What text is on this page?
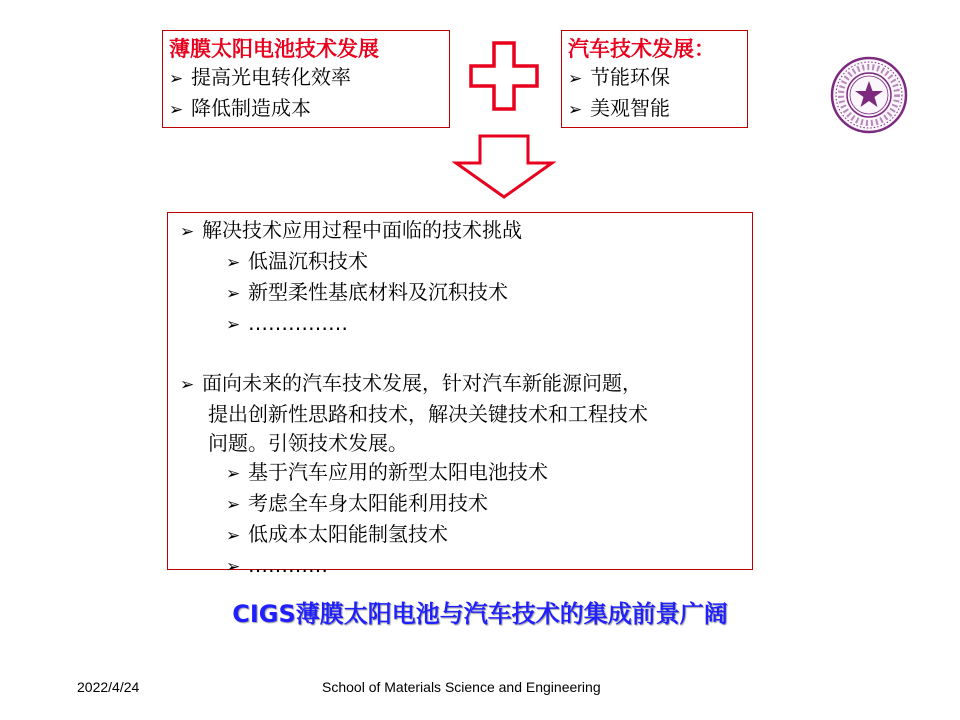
薄膜太阳电池技术发展
➢ 提高光电转化效率
➢ 降低制造成本
汽车技术发展：
➢ 节能环保
➢ 美观智能
➢ 解决技术应用过程中面临的技术挑战
➢ 低温沉积技术
➢ 新型柔性基底材料及沉积技术
➢ ……………
➢ 面向未来的汽车技术发展，针对汽车新能源问题，
提出创新性思路和技术，解决关键技术和工程技术
问题。引领技术发展。
➢ 基于汽车应用的新型太阳电池技术
➢ 考虑全车身太阳能利用技术
➢ 低成本太阳能制氢技术
➢ …………
CIGS薄膜太阳电池与汽车技术的集成前景广阔
2022/4/24	School of Materials Science and Engineering
